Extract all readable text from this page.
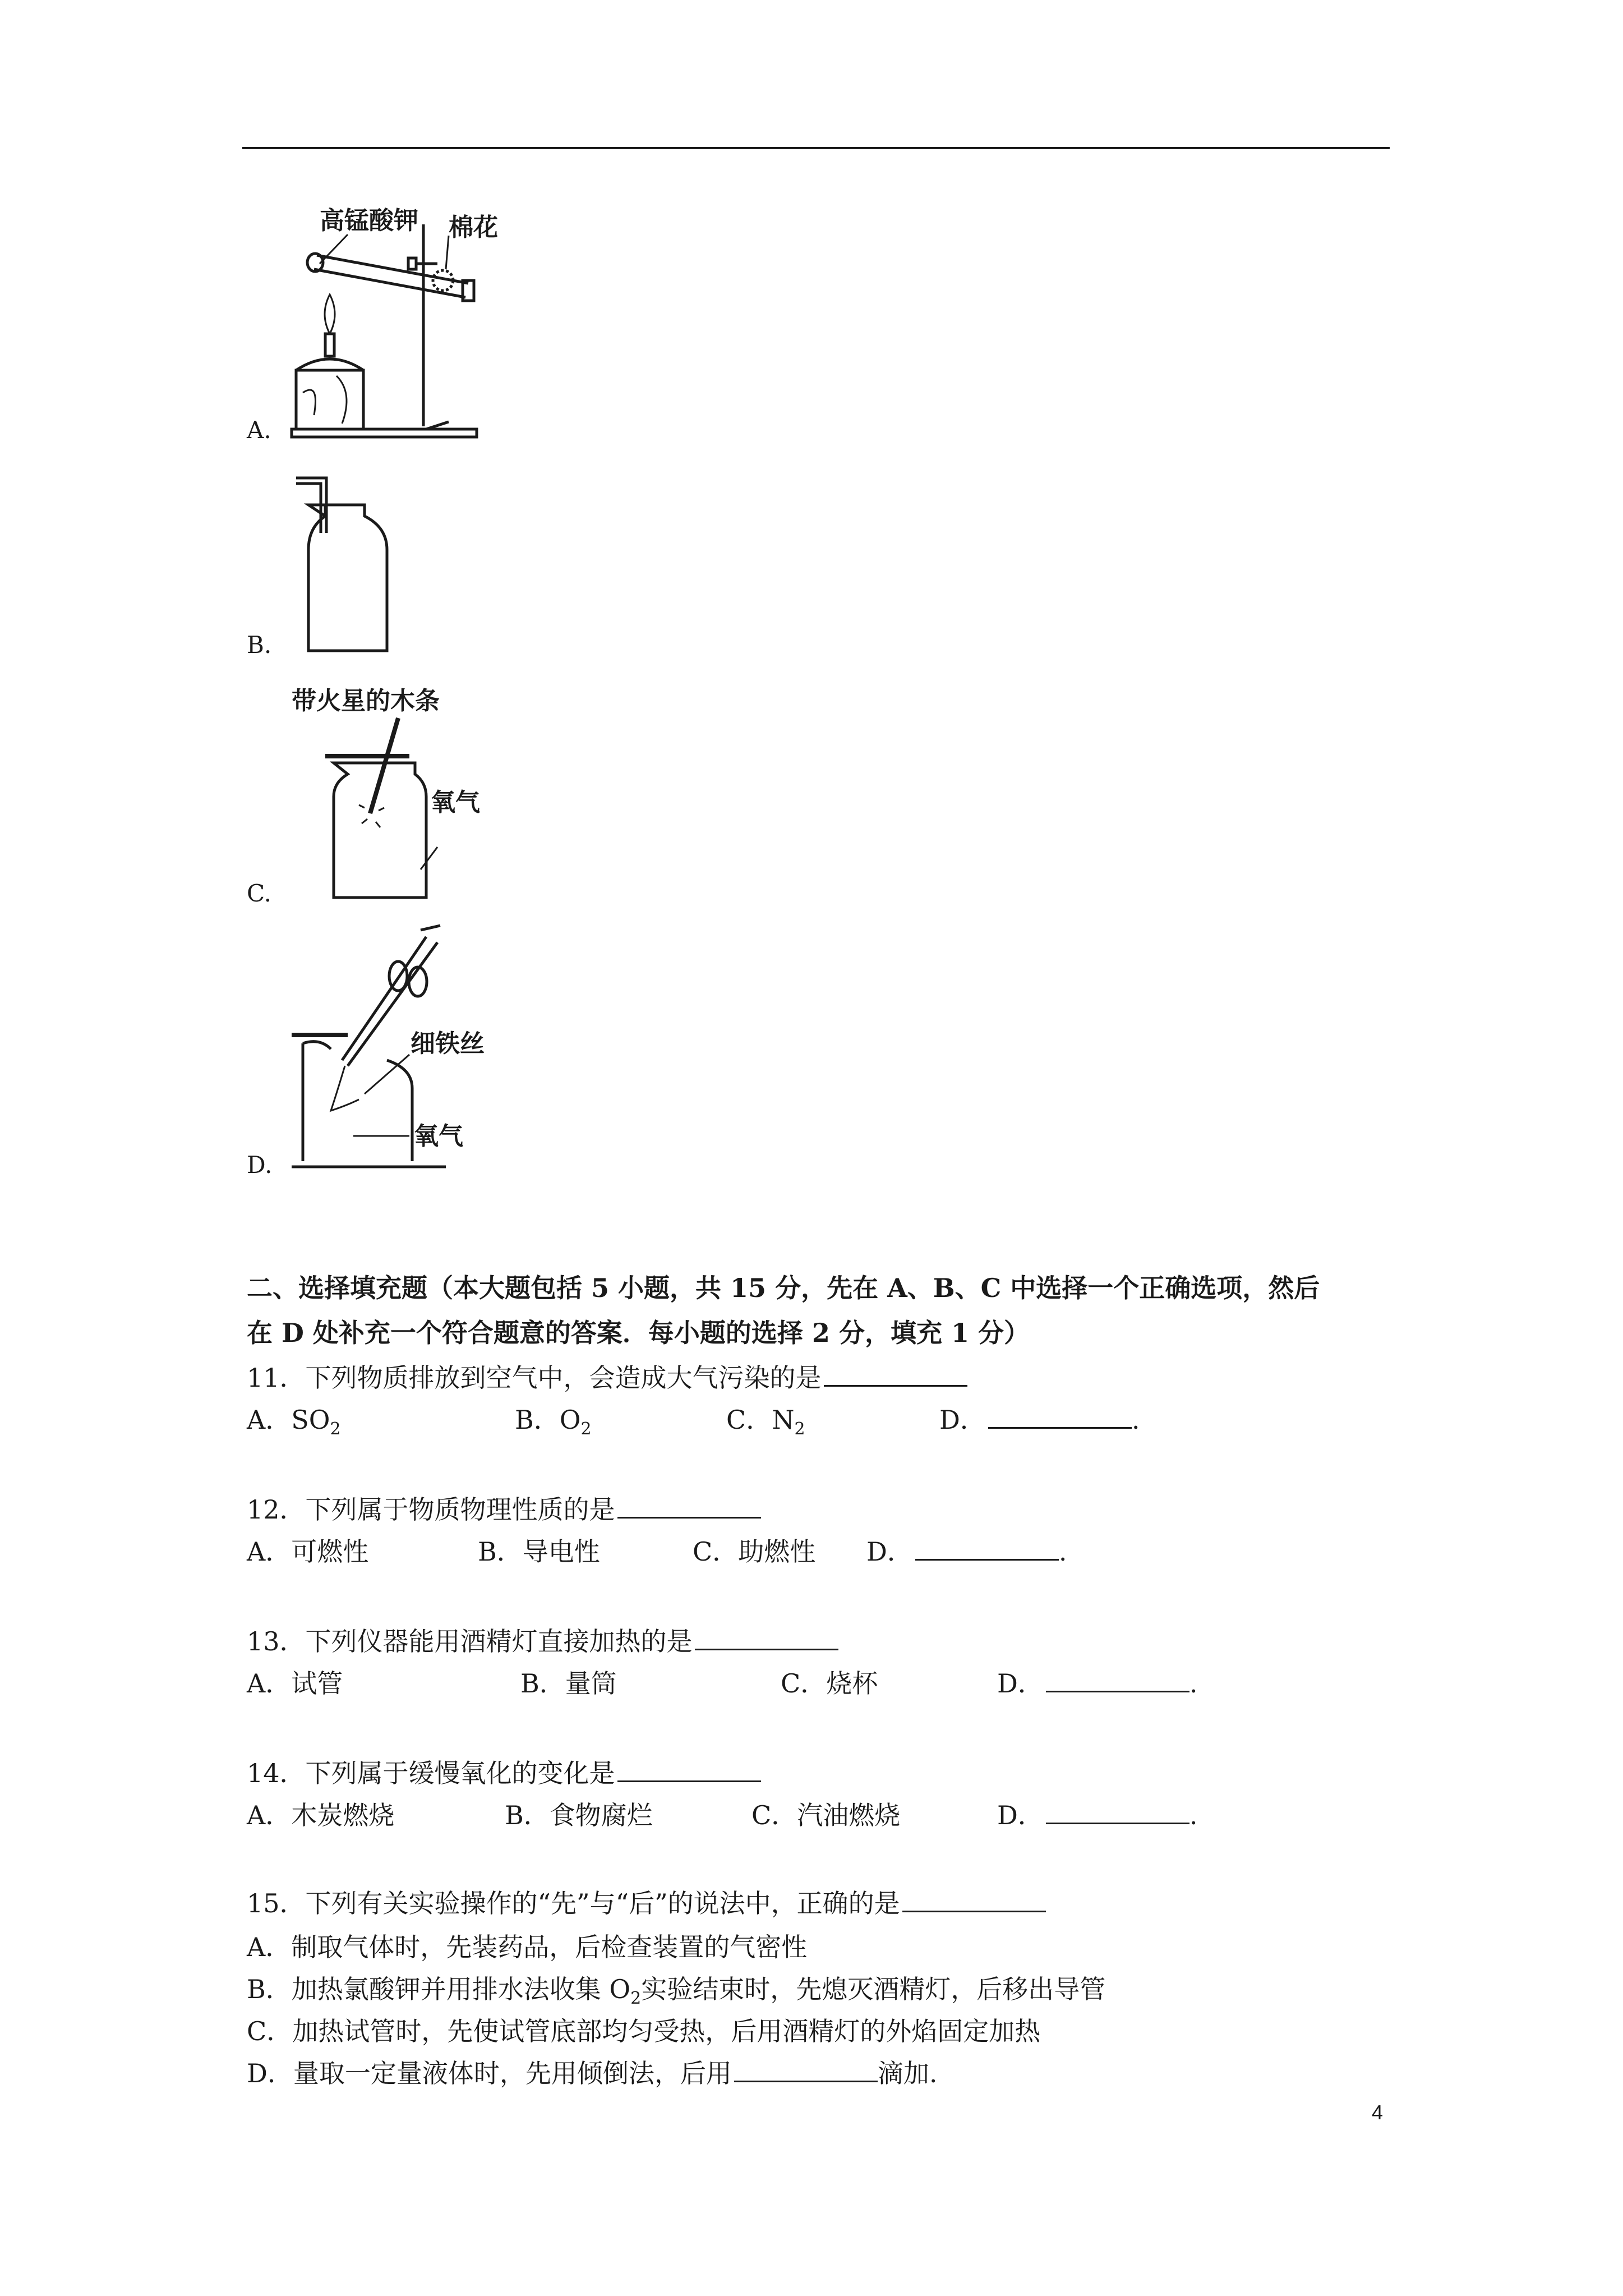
A.
高锰酸钾 棉花
B.
C.
带火星的木条
氧气
D.
细铁丝
氧气
二、选择填充题（本大题包括 5 小题，共 15 分，先在 A、B、C 中选择一个正确选项，然后
在 D 处补充一个符合题意的答案．每小题的选择 2 分，填充 1 分）
11．下列物质排放到空气中，会造成大气污染的是
A．$SO_2$	B．$O_2$	C．$N_2$	D．	.
12．下列属于物质物理性质的是
A．可燃性	B．导电性	C．助燃性 D．	.
13．下列仪器能用酒精灯直接加热的是
A．试管	B．量筒	C．烧杯	D．	.
14．下列属于缓慢氧化的变化是
A．木炭燃烧	B．食物腐烂	C．汽油燃烧	D．	.
15．下列有关实验操作的“先”与“后”的说法中，正确的是
A．制取气体时，先装药品，后检查装置的气密性
B．加热氯酸钾并用排水法收集 $O_2$实验结束时，先熄灭酒精灯，后移出导管
C．加热试管时，先使试管底部均匀受热，后用酒精灯的外焰固定加热
D．量取一定量液体时，先用倾倒法，后用	滴加.
4
